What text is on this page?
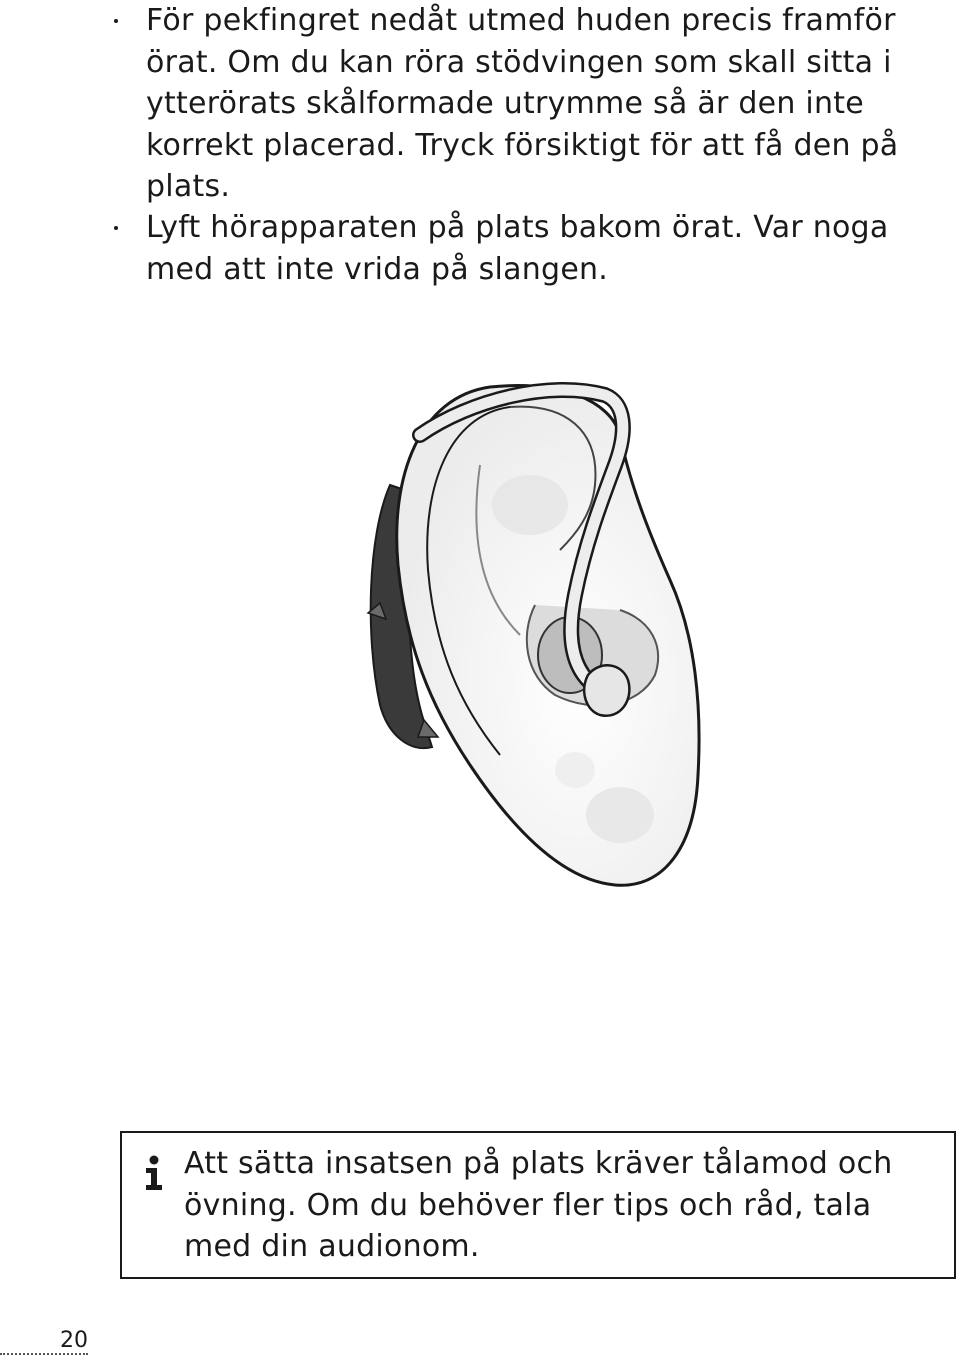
För pekfingret nedåt utmed huden precis framför örat. Om du kan röra stödvingen som skall sitta i ytterörats skålformade utrymme så är den inte korrekt placerad. Tryck försiktigt för att få den på plats.

Lyft hörapparaten på plats bakom örat. Var noga med att inte vrida på slangen.

Att sätta insatsen på plats kräver tålamod och övning. Om du behöver fler tips och råd, tala med din audionom.

20
